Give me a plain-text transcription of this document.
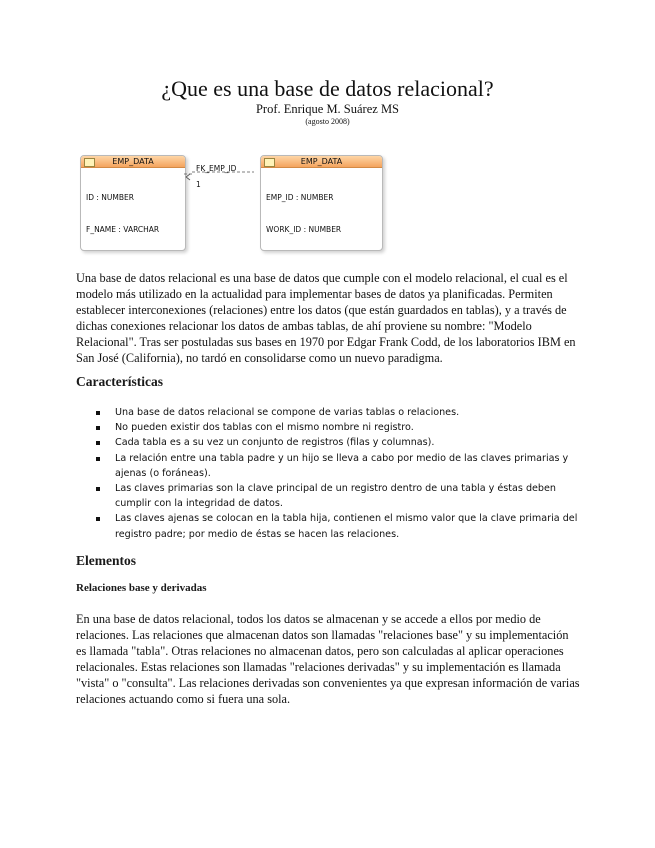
¿Que es una base de datos relacional?
Prof. Enrique M. Suárez MS
(agosto 2008)
EMP_DATA

ID : NUMBER

F_NAME : VARCHAR

FK_EMP_ID
1
EMP_DATA

EMP_ID : NUMBER

WORK_ID : NUMBER

Una base de datos relacional es una base de datos que cumple con el modelo relacional, el cual es el modelo más utilizado en la actualidad para implementar bases de datos ya planificadas. Permiten establecer interconexiones (relaciones) entre los datos (que están guardados en tablas), y a través de dichas conexiones relacionar los datos de ambas tablas, de ahí proviene su nombre: "Modelo Relacional". Tras ser postuladas sus bases en 1970 por Edgar Frank Codd, de los laboratorios IBM en San José (California), no tardó en consolidarse como un nuevo paradigma.
Características
Una base de datos relacional se compone de varias tablas o relaciones.
No pueden existir dos tablas con el mismo nombre ni registro.
Cada tabla es a su vez un conjunto de registros (filas y columnas).
La relación entre una tabla padre y un hijo se lleva a cabo por medio de las claves primarias y ajenas (o foráneas).
Las claves primarias son la clave principal de un registro dentro de una tabla y éstas deben cumplir con la integridad de datos.
Las claves ajenas se colocan en la tabla hija, contienen el mismo valor que la clave primaria del registro padre; por medio de éstas se hacen las relaciones.
Elementos
Relaciones base y derivadas
En una base de datos relacional, todos los datos se almacenan y se accede a ellos por medio de relaciones. Las relaciones que almacenan datos son llamadas "relaciones base" y su implementación es llamada "tabla". Otras relaciones no almacenan datos, pero son calculadas al aplicar operaciones relacionales. Estas relaciones son llamadas "relaciones derivadas" y su implementación es llamada "vista" o "consulta". Las relaciones derivadas son convenientes ya que expresan información de varias relaciones actuando como si fuera una sola.
